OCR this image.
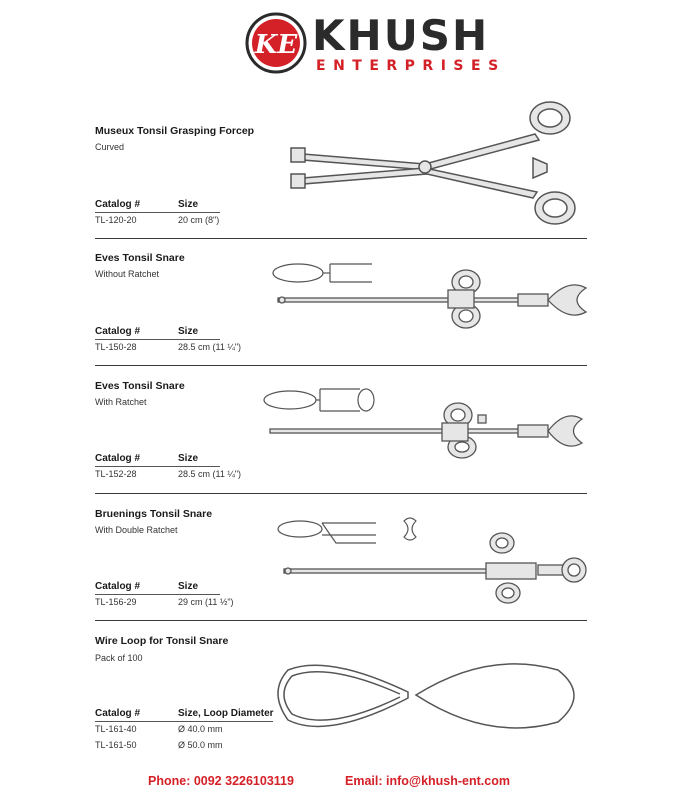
KE KHUSH
ENTERPRISES
Museux Tonsil Grasping Forcep
Curved
Catalog #	Size
TL-120-20	20 cm (8")
Eves Tonsil Snare
Without Ratchet
Catalog #	Size
TL-150-28	28.5 cm (11 ¼")
Eves Tonsil Snare
With Ratchet
Catalog #	Size
TL-152-28	28.5 cm (11 ¼")
Bruenings Tonsil Snare
With Double Ratchet
Catalog #	Size
TL-156-29	29 cm (11 ½")
Wire Loop for Tonsil Snare
Pack of 100
Catalog #	Size, Loop Diameter
TL-161-40	Ø 40.0 mm
TL-161-50	Ø 50.0 mm
Phone: 0092 3226103119	Email: info@khush-ent.com
